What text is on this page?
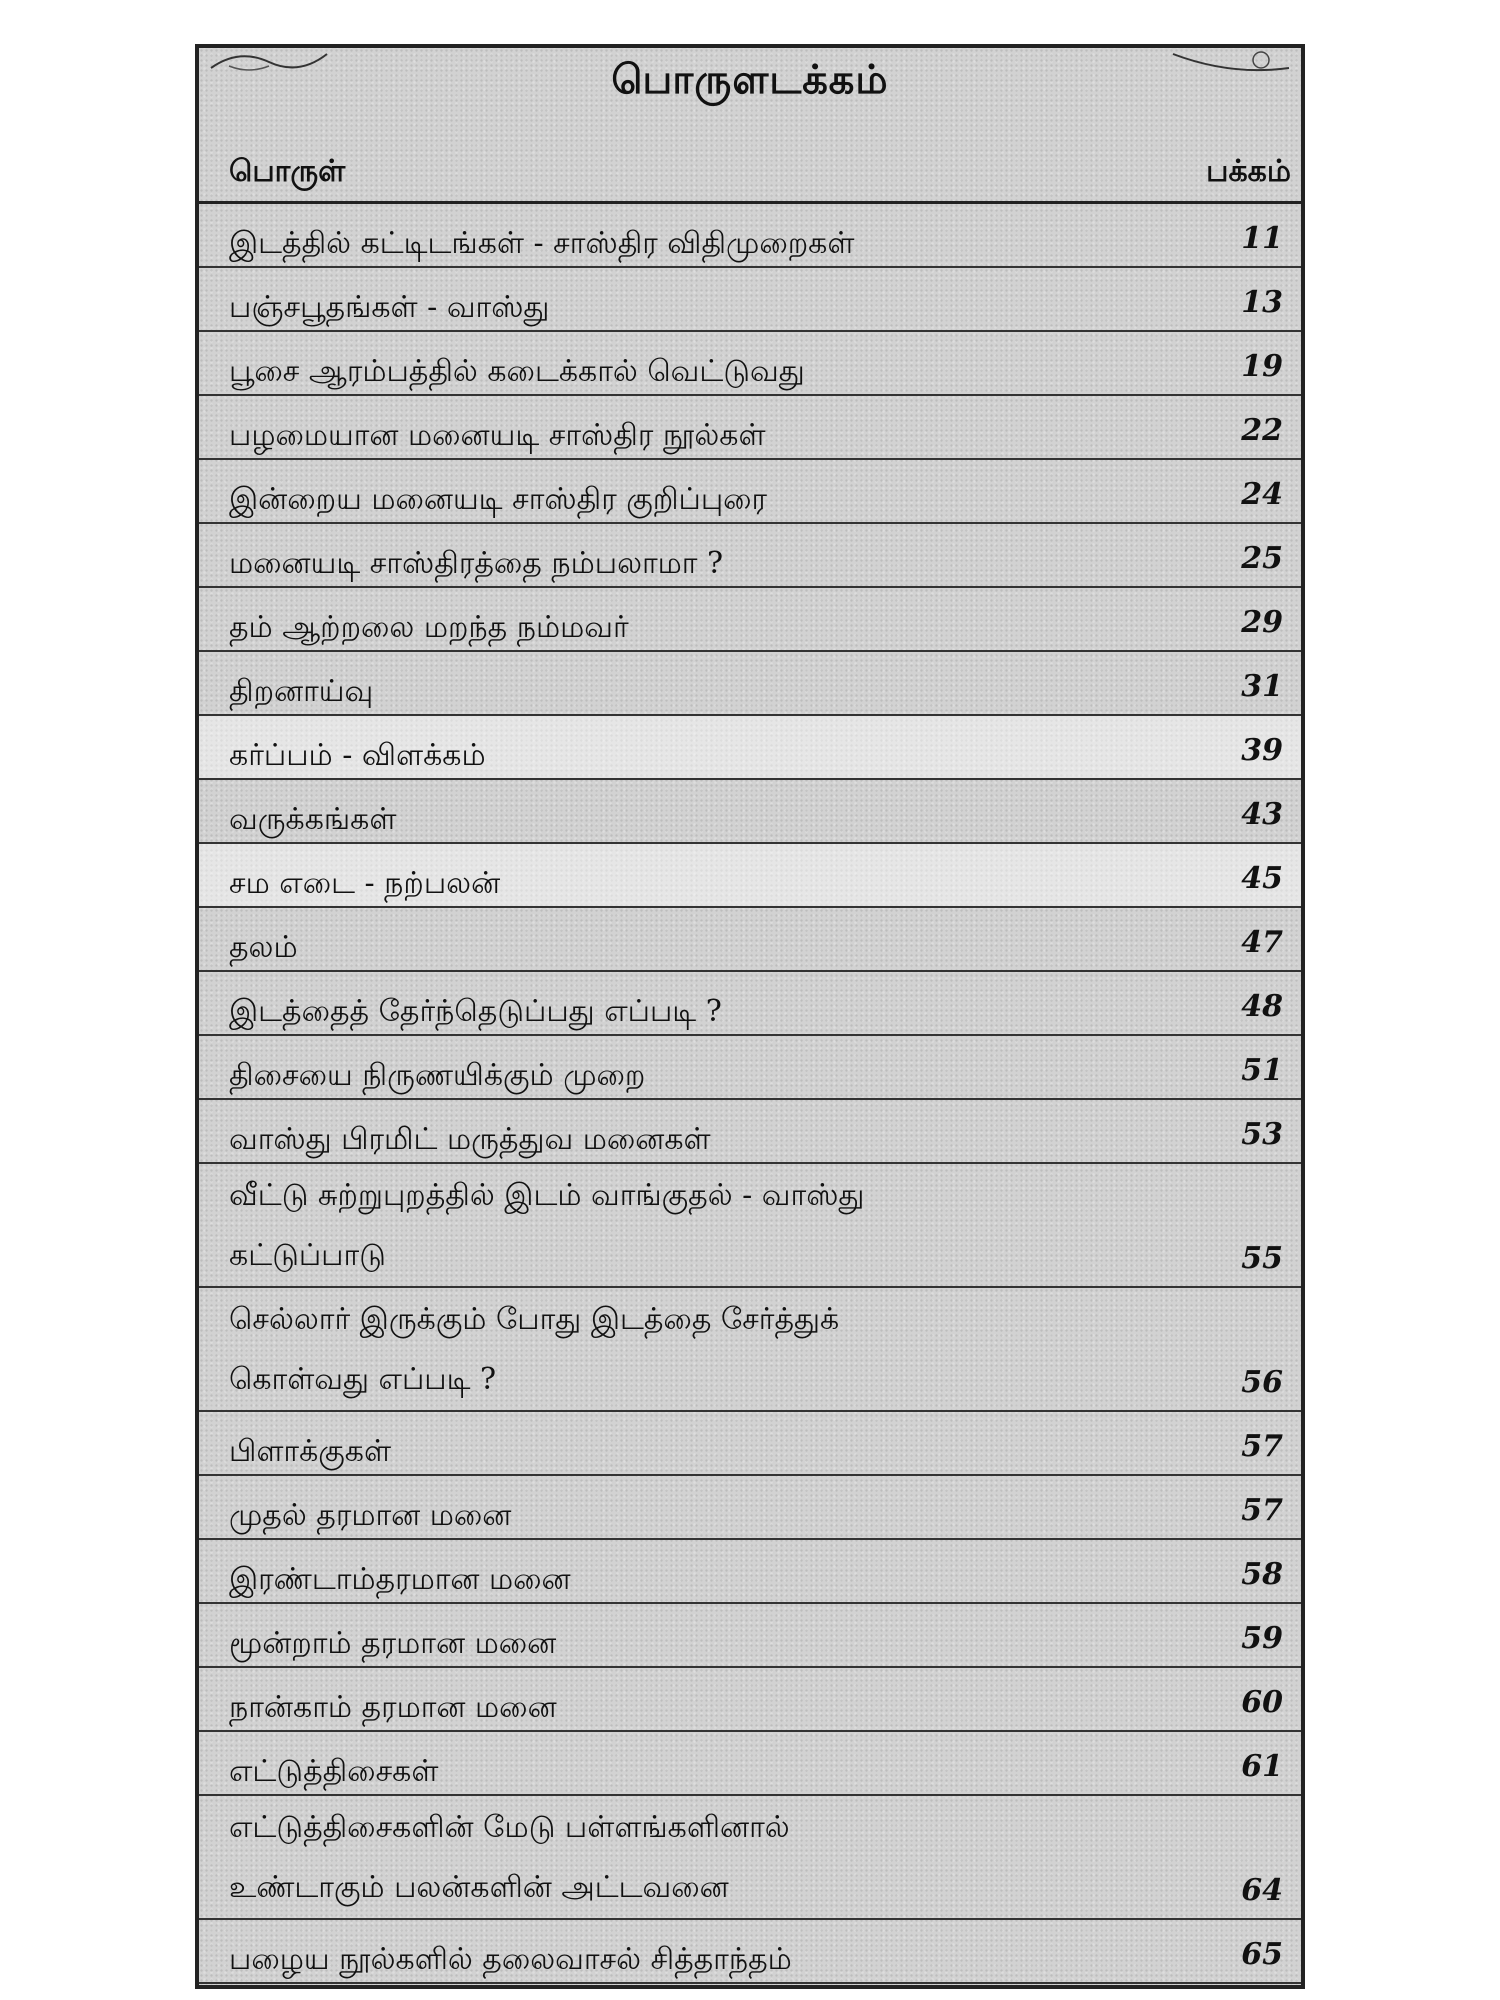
பொருளடக்கம்
பொருள்	பக்கம்
இடத்தில் கட்டிடங்கள் - சாஸ்திர விதிமுறைகள்	11
பஞ்சபூதங்கள் - வாஸ்து	13
பூசை ஆரம்பத்தில் கடைக்கால் வெட்டுவது	19
பழமையான மனையடி சாஸ்திர நூல்கள்	22
இன்றைய மனையடி சாஸ்திர குறிப்புரை	24
மனையடி சாஸ்திரத்தை நம்பலாமா ?	25
தம் ஆற்றலை மறந்த நம்மவர்	29
திறனாய்வு	31
கர்ப்பம் - விளக்கம்	39
வருக்கங்கள்	43
சம எடை - நற்பலன்	45
தலம்	47
இடத்தைத் தேர்ந்தெடுப்பது எப்படி ?	48
திசையை நிருணயிக்கும் முறை	51
வாஸ்து பிரமிட் மருத்துவ மனைகள்	53
வீட்டு சுற்றுபுறத்தில் இடம் வாங்குதல் - வாஸ்து
கட்டுப்பாடு	55
செல்லார் இருக்கும் போது இடத்தை சேர்த்துக்
கொள்வது எப்படி ?	56
பிளாக்குகள்	57
முதல் தரமான மனை	57
இரண்டாம்தரமான மனை	58
மூன்றாம் தரமான மனை	59
நான்காம் தரமான மனை	60
எட்டுத்திசைகள்	61
எட்டுத்திசைகளின் மேடு பள்ளங்களினால்
உண்டாகும் பலன்களின் அட்டவனை	64
பழைய நூல்களில் தலைவாசல் சித்தாந்தம்	65
